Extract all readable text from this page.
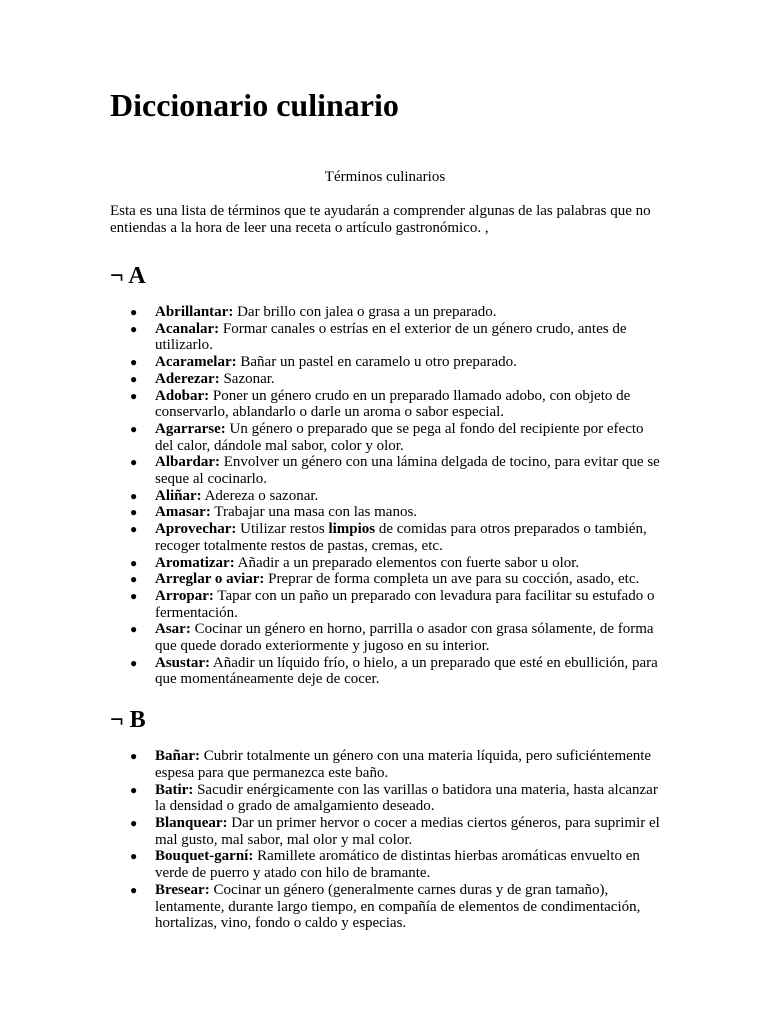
Diccionario culinario
Términos culinarios
Esta es una lista de términos que te ayudarán a comprender algunas de las palabras que no entiendas a la hora de leer una receta o artículo gastronómico. ,
¬ A
● Abrillantar: Dar brillo con jalea o grasa a un preparado.
● Acanalar: Formar canales o estrías en el exterior de un género crudo, antes de utilizarlo.
● Acaramelar: Bañar un pastel en caramelo u otro preparado.
● Aderezar: Sazonar.
● Adobar: Poner un género crudo en un preparado llamado adobo, con objeto de conservarlo, ablandarlo o darle un aroma o sabor especial.
● Agarrarse: Un género o preparado que se pega al fondo del recipiente por efecto del calor, dándole mal sabor, color y olor.
● Albardar: Envolver un género con una lámina delgada de tocino, para evitar que se seque al cocinarlo.
● Aliñar: Adereza o sazonar.
● Amasar: Trabajar una masa con las manos.
● Aprovechar: Utilizar restos limpios de comidas para otros preparados o también, recoger totalmente restos de pastas, cremas, etc.
● Aromatizar: Añadir a un preparado elementos con fuerte sabor u olor.
● Arreglar o aviar: Preprar de forma completa un ave para su cocción, asado, etc.
● Arropar: Tapar con un paño un preparado con levadura para facilitar su estufado o fermentación.
● Asar: Cocinar un género en horno, parrilla o asador con grasa sólamente, de forma que quede dorado exteriormente y jugoso en su interior.
● Asustar: Añadir un líquido frío, o hielo, a un preparado que esté en ebullición, para que momentáneamente deje de cocer.
¬ B
● Bañar: Cubrir totalmente un género con una materia líquida, pero suficiéntemente espesa para que permanezca este baño.
● Batir: Sacudir enérgicamente con las varillas o batidora una materia, hasta alcanzar la densidad o grado de amalgamiento deseado.
● Blanquear: Dar un primer hervor o cocer a medias ciertos géneros, para suprimir el mal gusto, mal sabor, mal olor y mal color.
● Bouquet-garní: Ramillete aromático de distintas hierbas aromáticas envuelto en verde de puerro y atado con hilo de bramante.
● Bresear: Cocinar un género (generalmente carnes duras y de gran tamaño), lentamente, durante largo tiempo, en compañía de elementos de condimentación, hortalizas, vino, fondo o caldo y especias.
